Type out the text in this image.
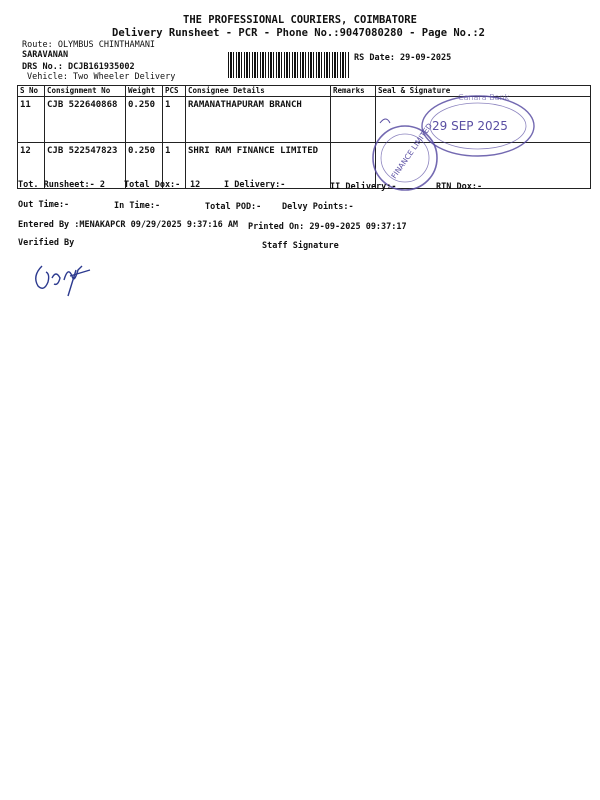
THE PROFESSIONAL COURIERS, COIMBATORE
Delivery Runsheet - PCR - Phone No.:9047080280 - Page No.:2
Route: OLYMBUS CHINTHAMANI
SARAVANAN
DRS No.: DCJB161935002
Vehicle: Two Wheeler Delivery
RS Date: 29-09-2025
S No	Consignment No	Weight	PCS	Consignee Details	Remarks	Seal & Signature
11	CJB 522640868	0.250	1	RAMANATHAPURAM BRANCH		
12	CJB 522547823	0.250	1	SHRI RAM FINANCE LIMITED		
Canara Bank
29 SEP 2025
FINANCE LIMITED
Tot. Runsheet:- 2 Total Dox:- 12	I Delivery:-	II Delivery:-	RTN Dox:-
Out Time:-	In Time:-	Total POD:- Delvy Points:-
Entered By :MENAKAPCR 09/29/2025 9:37:16 AM Printed On: 29-09-2025 09:37:17
Verified By	Staff Signature
